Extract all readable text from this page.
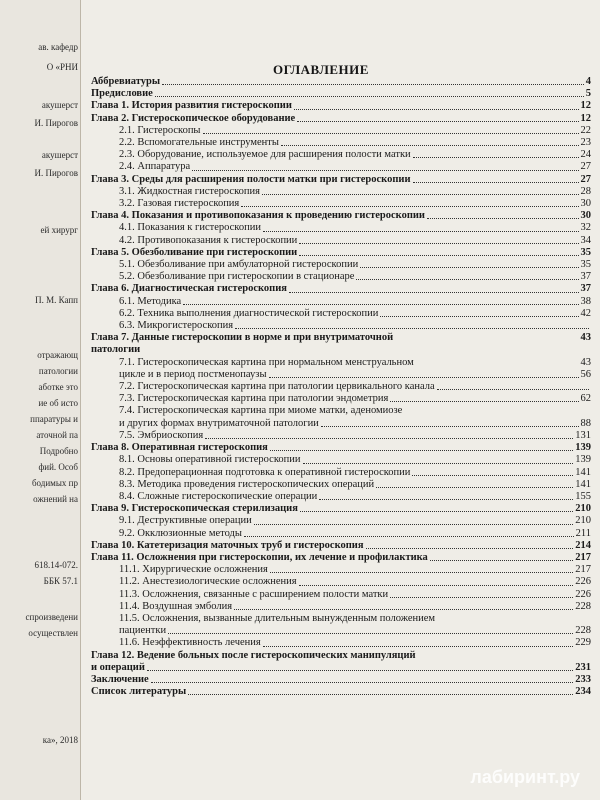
ав. кафедр
О «РНИ
акушерст
И. Пирогов
акушерст
И. Пирогов
ей хирург
П. М. Капп
отражающ
патологии
аботке это
ие об исто
ппаратуры и
аточной па
Подробно
фий. Особ
бодимых пр
ожнений на
618.14-072.
ББК 57.1
спроизведени
осуществлен
ка», 2018
ОГЛАВЛЕНИЕ
Аббревиатуры	4
Предисловие	5
Глава 1. История развития гистероскопии	12
Глава 2. Гистероскопическое оборудование	12
2.1. Гистероскопы	22
2.2. Вспомогательные инструменты	23
2.3. Оборудование, используемое для расширения полости матки	24
2.4. Аппаратура	27
Глава 3. Среды для расширения полости матки при гистероскопии	27
3.1. Жидкостная гистероскопия	28
3.2. Газовая гистероскопия	30
Глава 4. Показания и противопоказания к проведению гистероскопии	30
4.1. Показания к гистероскопии	32
4.2. Противопоказания к гистероскопии	34
Глава 5. Обезболивание при гистероскопии	35
5.1. Обезболивание при амбулаторной гистероскопии	35
5.2. Обезболивание при гистероскопии в стационаре	37
Глава 6. Диагностическая гистероскопия	37
6.1. Методика	38
6.2. Техника выполнения диагностической гистероскопии	42
6.3. Микрогистероскопия
Глава 7. Данные гистероскопии в норме и при внутриматочной	43
патологии
7.1. Гистероскопическая картина при нормальном менструальном	43
цикле и в период постменопаузы	56
7.2. Гистероскопическая картина при патологии цервикального канала
7.3. Гистероскопическая картина при патологии эндометрия	62
7.4. Гистероскопическая картина при миоме матки, аденомиозе
и других формах внутриматочной патологии	88
7.5. Эмбриоскопия	131
Глава 8. Оперативная гистероскопия	139
8.1. Основы оперативной гистероскопии	139
8.2. Предоперационная подготовка к оперативной гистероскопии	141
8.3. Методика проведения гистероскопических операций	141
8.4. Сложные гистероскопические операции	155
Глава 9. Гистероскопическая стерилизация	210
9.1. Деструктивные операции	210
9.2. Окклюзионные методы	211
Глава 10. Катетеризация маточных труб и гистероскопия	214
Глава 11. Осложнения при гистероскопии, их лечение и профилактика	217
11.1. Хирургические осложнения	217
11.2. Анестезиологические осложнения	226
11.3. Осложнения, связанные с расширением полости матки	226
11.4. Воздушная эмболия	228
11.5. Осложнения, вызванные длительным вынужденным положением
пациентки	228
11.6. Неэффективность лечения	229
Глава 12. Ведение больных после гистероскопических манипуляций
и операций	231
Заключение	233
Список литературы	234
лабиринт.ру
